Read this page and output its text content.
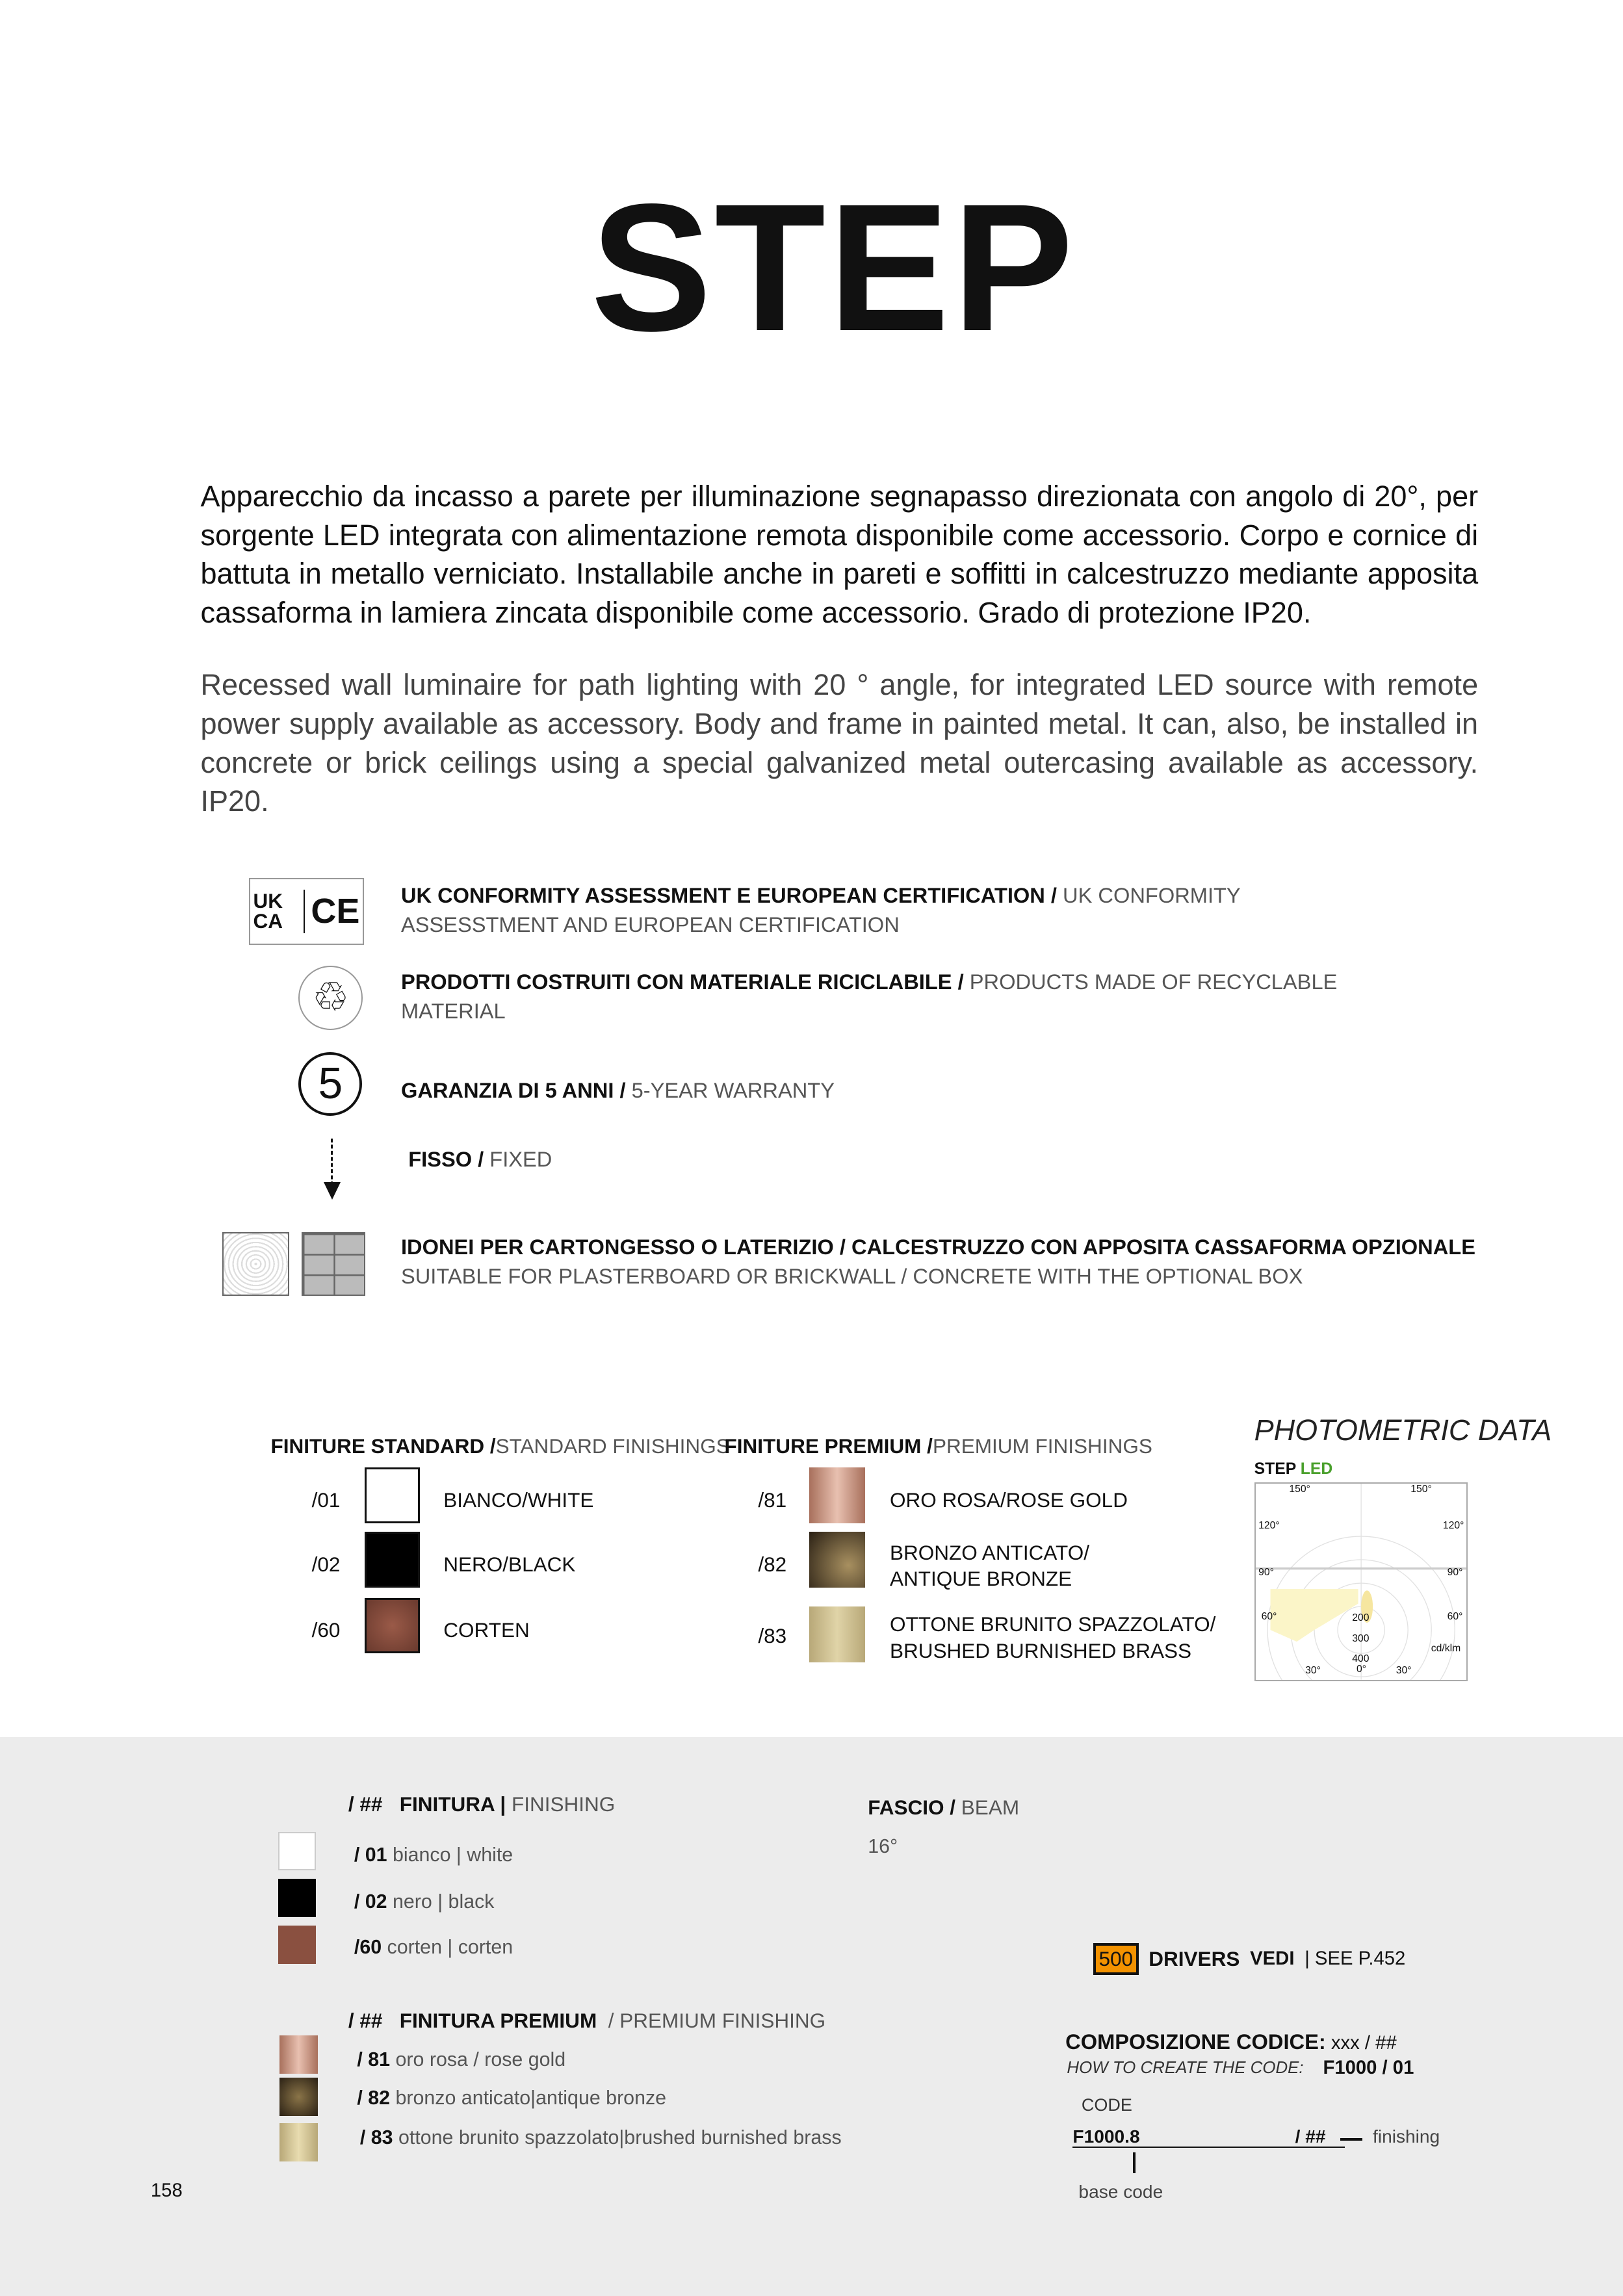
STEP
Apparecchio da incasso a parete per illuminazione segnapasso direzionata con angolo di 20°, per sorgente LED integrata con alimentazione remota disponibile come accessorio. Corpo e cornice di battuta in metallo verniciato. Installabile anche in pareti e soffitti in calcestruzzo mediante apposita cassaforma in lamiera zincata disponibile come accessorio. Grado di protezione IP20.
Recessed wall luminaire for path lighting with 20 ° angle, for integrated LED source with remote power supply available as accessory. Body and frame in painted metal. It can, also, be installed in concrete or brick ceilings using a special galvanized metal outercasing available as accessory. IP20.
UK CA	CE
♲
5
UK CONFORMITY ASSESSMENT E EUROPEAN CERTIFICATION / UK CONFORMITY ASSESSTMENT AND EUROPEAN CERTIFICATION
PRODOTTI COSTRUITI CON MATERIALE RICICLABILE / PRODUCTS MADE OF RECYCLABLE MATERIAL
GARANZIA DI 5 ANNI / 5-YEAR WARRANTY
FISSO / FIXED
IDONEI PER CARTONGESSO O LATERIZIO / CALCESTRUZZO CON APPOSITA CASSAFORMA OPZIONALE
SUITABLE FOR PLASTERBOARD OR BRICKWALL / CONCRETE WITH THE OPTIONAL BOX
FINITURE STANDARD /STANDARD FINISHINGS
FINITURE PREMIUM /PREMIUM FINISHINGS
/01	BIANCO/WHITE
/02	NERO/BLACK
/60	CORTEN
/81	ORO ROSA/ROSE GOLD
/82
BRONZO ANTICATO/
ANTIQUE BRONZE
/83
OTTONE BRUNITO SPAZZOLATO/
BRUSHED BURNISHED BRASS
PHOTOMETRIC DATA
STEP LED
150°	150°
120°	120°
90°	90°
60°	60°
30°	0°	30°
200
300
400
cd/klm
/ ## FINITURA | FINISHING
/ 01 bianco | white
/ 02 nero | black
/60 corten | corten
/ ## FINITURA PREMIUM  / PREMIUM FINISHING
/ 81 oro rosa / rose gold
/ 82 bronzo anticato|antique bronze
/ 83 ottone brunito spazzolato|brushed burnished brass
FASCIO / BEAM
16°
500	DRIVERS VEDI | SEE P.452
COMPOSIZIONE CODICE: xxx / ##
HOW TO CREATE THE CODE: F1000 / 01
CODE
F1000.8	/ ##	finishing
base code
158
